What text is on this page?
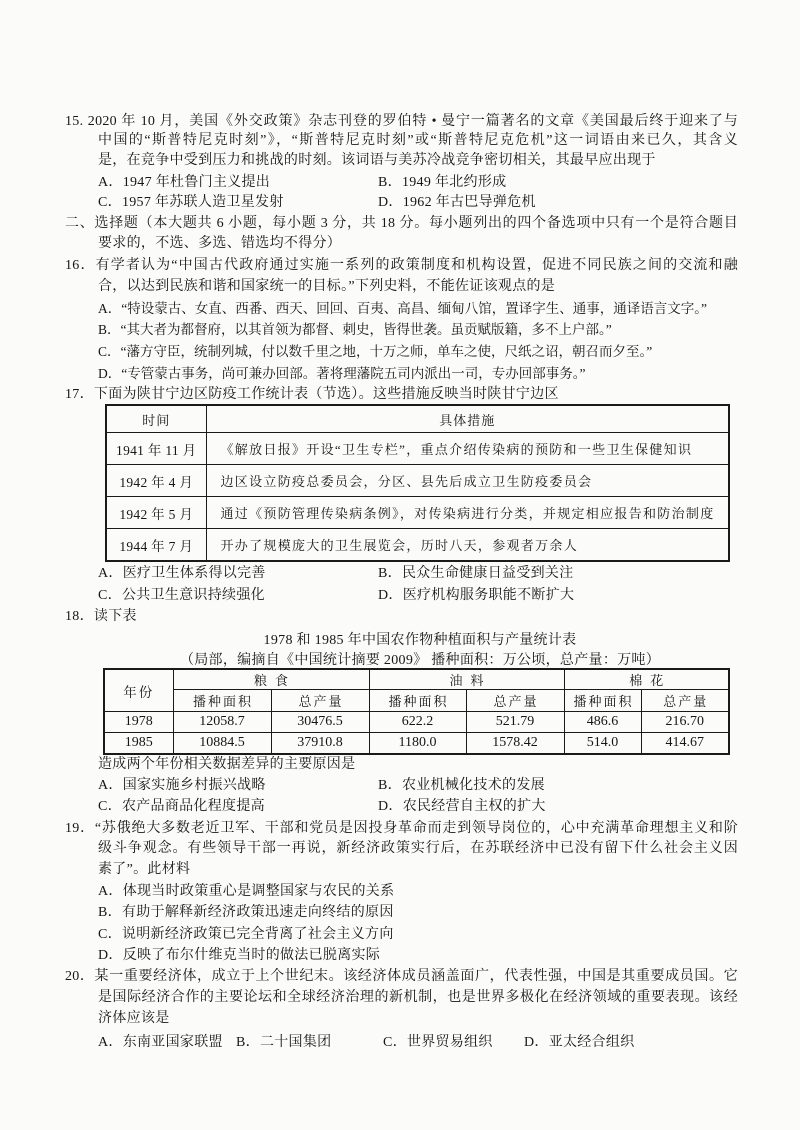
15. 2020 年 10 月，美国《外交政策》杂志刊登的罗伯特 • 曼宁一篇著名的文章《美国最后终于迎来了与
中国的“斯普特尼克时刻”》，“斯普特尼克时刻”或“斯普特尼克危机”这一词语由来已久，其含义
是，在竞争中受到压力和挑战的时刻。该词语与美苏冷战竞争密切相关，其最早应出现于
A．1947 年杜鲁门主义提出	B．1949 年北约形成
C．1957 年苏联人造卫星发射	D．1962 年古巴导弹危机
二、选择题（本大题共 6 小题，每小题 3 分，共 18 分。每小题列出的四个备选项中只有一个是符合题目
要求的，不选、多选、错选均不得分）
16．有学者认为“中国古代政府通过实施一系列的政策制度和机构设置，促进不同民族之间的交流和融
合，以达到民族和谐和国家统一的目标。”下列史料，不能佐证该观点的是
A．“特设蒙古、女直、西番、西天、回回、百夷、高昌、缅甸八馆，置译字生、通事，通译语言文字。”
B．“其大者为都督府，以其首领为都督、刺史，皆得世袭。虽贡赋版籍，多不上户部。”
C．“藩方守臣，统制列城，付以数千里之地，十万之师，单车之使，尺纸之诏，朝召而夕至。”
D．“专管蒙古事务，尚可兼办回部。著将理藩院五司内派出一司，专办回部事务。”
17．下面为陕甘宁边区防疫工作统计表（节选）。这些措施反映当时陕甘宁边区
时间	具体措施
1941 年 11 月	《解放日报》开设“卫生专栏”，重点介绍传染病的预防和一些卫生保健知识
1942 年 4 月	边区设立防疫总委员会，分区、县先后成立卫生防疫委员会
1942 年 5 月	通过《预防管理传染病条例》，对传染病进行分类，并规定相应报告和防治制度
1944 年 7 月	开办了规模庞大的卫生展览会，历时八天，参观者万余人
A．医疗卫生体系得以完善	B．民众生命健康日益受到关注
C．公共卫生意识持续强化	D．医疗机构服务职能不断扩大
18．读下表
1978 和 1985 年中国农作物种植面积与产量统计表
（局部，编摘自《中国统计摘要 2009》 播种面积：万公顷，总产量：万吨）
年份	粮食		油料		棉花	
	播种面积	总产量	播种面积	总产量	播种面积	总产量
1978	12058.7	30476.5	622.2	521.79	486.6	216.70
1985	10884.5	37910.8	1180.0	1578.42	514.0	414.67
造成两个年份相关数据差异的主要原因是
A．国家实施乡村振兴战略	B．农业机械化技术的发展
C．农产品商品化程度提高	D．农民经营自主权的扩大
19．“苏俄绝大多数老近卫军、干部和党员是因投身革命而走到领导岗位的，心中充满革命理想主义和阶
级斗争观念。有些领导干部一再说，新经济政策实行后，在苏联经济中已没有留下什么社会主义因
素了”。此材料
A．体现当时政策重心是调整国家与农民的关系
B．有助于解释新经济政策迅速走向终结的原因
C．说明新经济政策已完全背离了社会主义方向
D．反映了布尔什维克当时的做法已脱离实际
20．某一重要经济体，成立于上个世纪末。该经济体成员涵盖面广，代表性强，中国是其重要成员国。它
是国际经济合作的主要论坛和全球经济治理的新机制，也是世界多极化在经济领域的重要表现。该经
济体应该是
A．东南亚国家联盟 B．二十国集团	C．世界贸易组织 D．亚太经合组织
